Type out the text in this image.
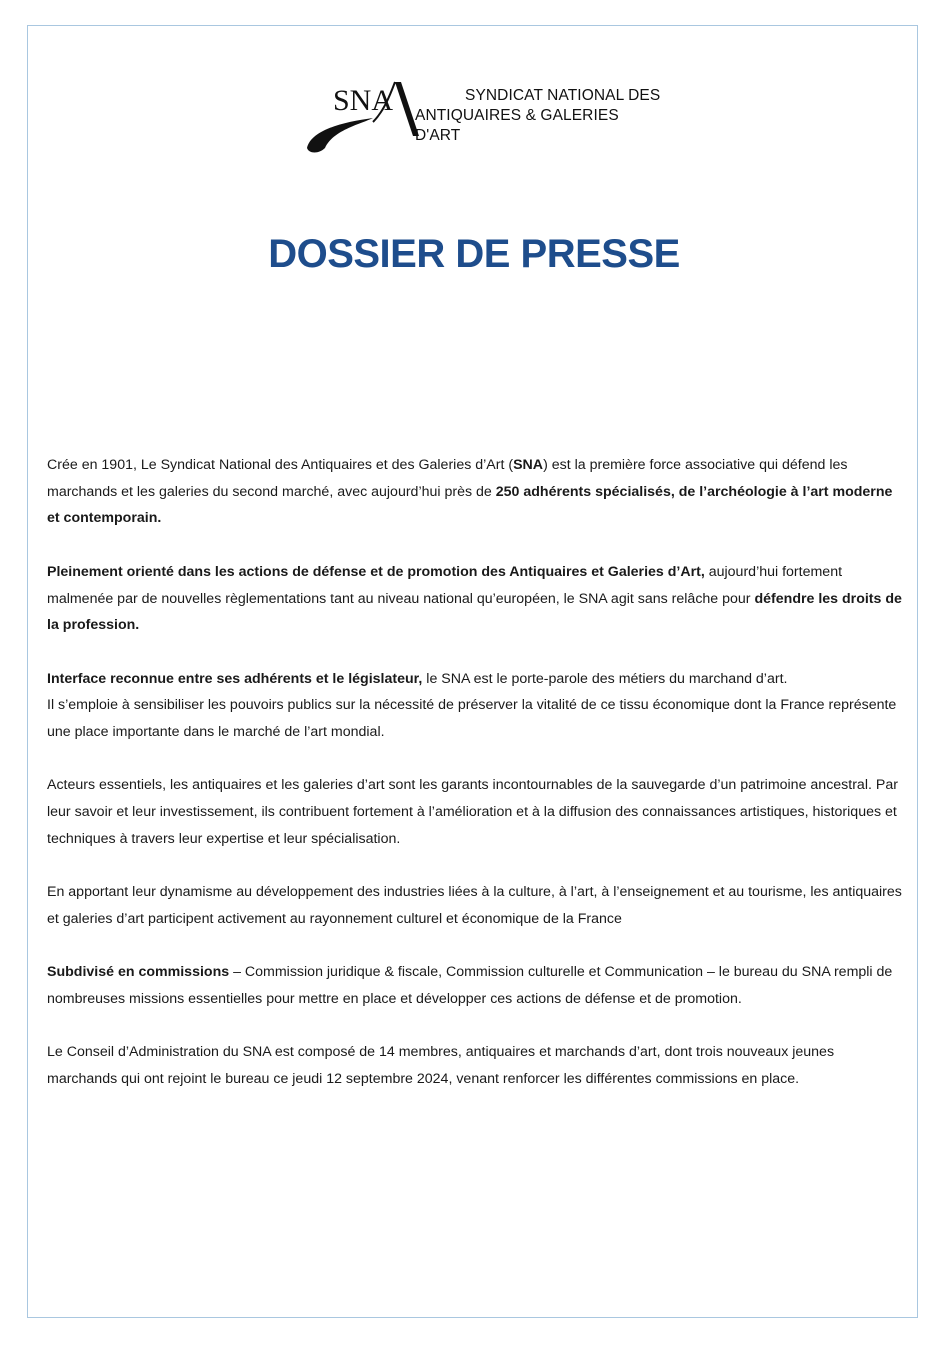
SNA	SYNDICAT NATIONAL DES
ANTIQUAIRES & GALERIES D'ART
DOSSIER DE PRESSE

Crée en 1901, Le Syndicat National des Antiquaires et des Galeries d’Art (SNA) est la première force associative qui défend les marchands et les galeries du second marché, avec aujourd’hui près de 250 adhérents spécialisés, de l’archéologie à l’art moderne et contemporain.

Pleinement orienté dans les actions de défense et de promotion des Antiquaires et Galeries d’Art, aujourd’hui fortement malmenée par de nouvelles règlementations tant au niveau national qu’européen, le SNA agit sans relâche pour défendre les droits de la profession.

Interface reconnue entre ses adhérents et le législateur, le SNA est le porte-parole des métiers du marchand d’art.
Il s’emploie à sensibiliser les pouvoirs publics sur la nécessité de préserver la vitalité de ce tissu économique dont la France représente une place importante dans le marché de l’art mondial.

Acteurs essentiels, les antiquaires et les galeries d’art sont les garants incontournables de la sauvegarde d’un patrimoine ancestral. Par leur savoir et leur investissement, ils contribuent fortement à l’amélioration et à la diffusion des connaissances artistiques, historiques et techniques à travers leur expertise et leur spécialisation.

En apportant leur dynamisme au développement des industries liées à la culture, à l’art, à l’enseignement et au tourisme, les antiquaires et galeries d’art participent activement au rayonnement culturel et économique de la France

Subdivisé en commissions – Commission juridique & fiscale, Commission culturelle et Communication – le bureau du SNA rempli de nombreuses missions essentielles pour mettre en place et développer ces actions de défense et de promotion.

Le Conseil d’Administration du SNA est composé de 14 membres, antiquaires et marchands d’art, dont trois nouveaux jeunes marchands qui ont rejoint le bureau ce jeudi 12 septembre 2024, venant renforcer les différentes commissions en place.
